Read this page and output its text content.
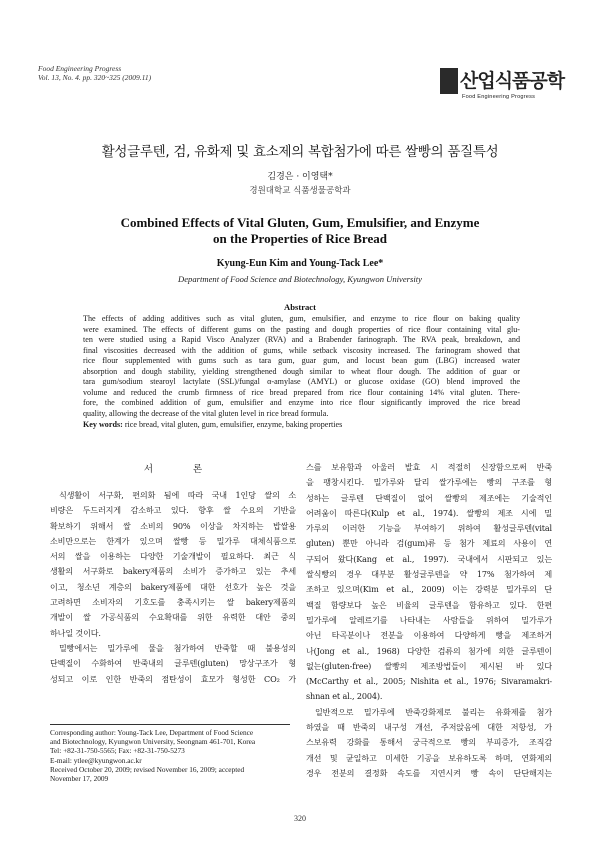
Food Engineering Progress
Vol. 13, No. 4. pp. 320~325 (2009.11)	산업식품공학
Food Engineering Progress
활성글루텐, 검, 유화제 및 효소제의 복합첨가에 따른 쌀빵의 품질특성
김경은 · 이영택*
경원대학교 식품생물공학과
Combined Effects of Vital Gluten, Gum, Emulsifier, and Enzyme
on the Properties of Rice Bread
Kyung-Eun Kim and Young-Tack Lee*
Department of Food Science and Biotechnology, Kyungwon University
Abstract
The effects of adding additives such as vital gluten, gum, emulsifier, and enzyme to rice flour on baking quality
were examined. The effects of different gums on the pasting and dough properties of rice flour containing vital glu-
ten were studied using a Rapid Visco Analyzer (RVA) and a Brabender farinograph. The RVA peak, breakdown, and
final viscosities decreased with the addition of gums, while setback viscosity increased. The farinogram showed that
rice flour supplemented with gums such as tara gum, guar gum, and locust bean gum (LBG) increased water
absorption and dough stability, yielding strengthened dough similar to wheat flour dough. The addition of guar or
tara gum/sodium stearoyl lactylate (SSL)/fungal α-amylase (AMYL) or glucose oxidase (GO) blend improved the
volume and reduced the crumb firmness of rice bread prepared from rice flour containing 14% vital gluten. There-
fore, the combined addition of gum, emulsifier and enzyme into rice flour significantly improved the rice bread
quality, allowing the decrease of the vital gluten level in rice bread formula.
Key words: rice bread, vital gluten, gum, emulsifier, enzyme, baking properties
서론
식생활이 서구화, 편의화 됨에 따라 국내 1인당 쌀의 소
비량은 두드러지게 감소하고 있다. 향후 쌀 수요의 기반을
확보하기 위해서 쌀 소비의 90% 이상을 차지하는 밥쌀용
소비만으로는 한계가 있으며 쌀빵 등 밀가루 대체식품으로
서의 쌀을 이용하는 다양한 기술개발이 필요하다. 최근 식
생활의 서구화로 bakery제품의 소비가 증가하고 있는 추세
이고, 청소년 계층의 bakery제품에 대한 선호가 높은 것을
고려하면 소비자의 기호도를 충족시키는 쌀 bakery제품의
개발이 쌀 가공식품의 수요확대를 위한 유력한 대안 중의
하나일 것이다.
밀빵에서는 밀가루에 물을 첨가하여 반죽할 때 불용성의
단백질이 수화하여 반죽내의 글루텐(gluten) 망상구조가 형
성되고 이로 인한 반죽의 점탄성이 효모가 형성한 CO₂ 가
스를 보유함과 아울러 발효 시 적절히 신장함으로써 반죽
을 팽창시킨다. 밀가루와 달리 쌀가루에는 빵의 구조를 형
성하는 글루텐 단백질이 없어 쌀빵의 제조에는 기술적인
어려움이 따른다(Kulp et al., 1974). 쌀빵의 제조 시에 밀
가루의 이러한 기능을 부여하기 위하여 활성글루텐(vital
gluten) 뿐만 아니라 검(gum)류 등 첨가 제료의 사용이 연
구되어 왔다(Kang et al., 1997). 국내에서 시판되고 있는
쌀식빵의 경우 대부분 활성글루텐을 약 17% 첨가하여 제
조하고 있으며(Kim et al., 2009) 이는 강력분 밀가루의 단
백질 함량보다 높은 비율의 글루텐을 함유하고 있다. 한편
밀가루에 알레르기를 나타내는 사람들을 위하여 밀가루가
아닌 타곡분이나 전분을 이용하여 다양하게 빵을 제조하거
나(Jong et al., 1968) 다양한 검류의 첨가에 의한 글루텐이
없는(gluten-free) 쌀빵의 제조방법들이 제시된 바 있다
(McCarthy et al., 2005; Nishita et al., 1976; Sivaramakri-
shnan et al., 2004).
일반적으로 밀가루에 반죽강화제로 불리는 유화제를 첨가
하였을 때 반죽의 내구성 개선, 주저앉음에 대한 저항성, 가
스보유력 강화를 통해서 궁극적으로 빵의 부피증가, 조직감
개선 및 균일하고 미세한 기공을 보유하도록 하며, 연화제의
경우 전분의 결정화 속도를 지연시켜 빵 속이 단단해지는
Corresponding author: Young-Tack Lee, Department of Food Science
and Biotechnology, Kyungwon University, Seongnam 461-701, Korea
Tel: +82-31-750-5565; Fax: +82-31-750-5273
E-mail: ytlee@kyungwon.ac.kr
Received October 20, 2009; revised November 16, 2009; accepted
November 17, 2009
320
